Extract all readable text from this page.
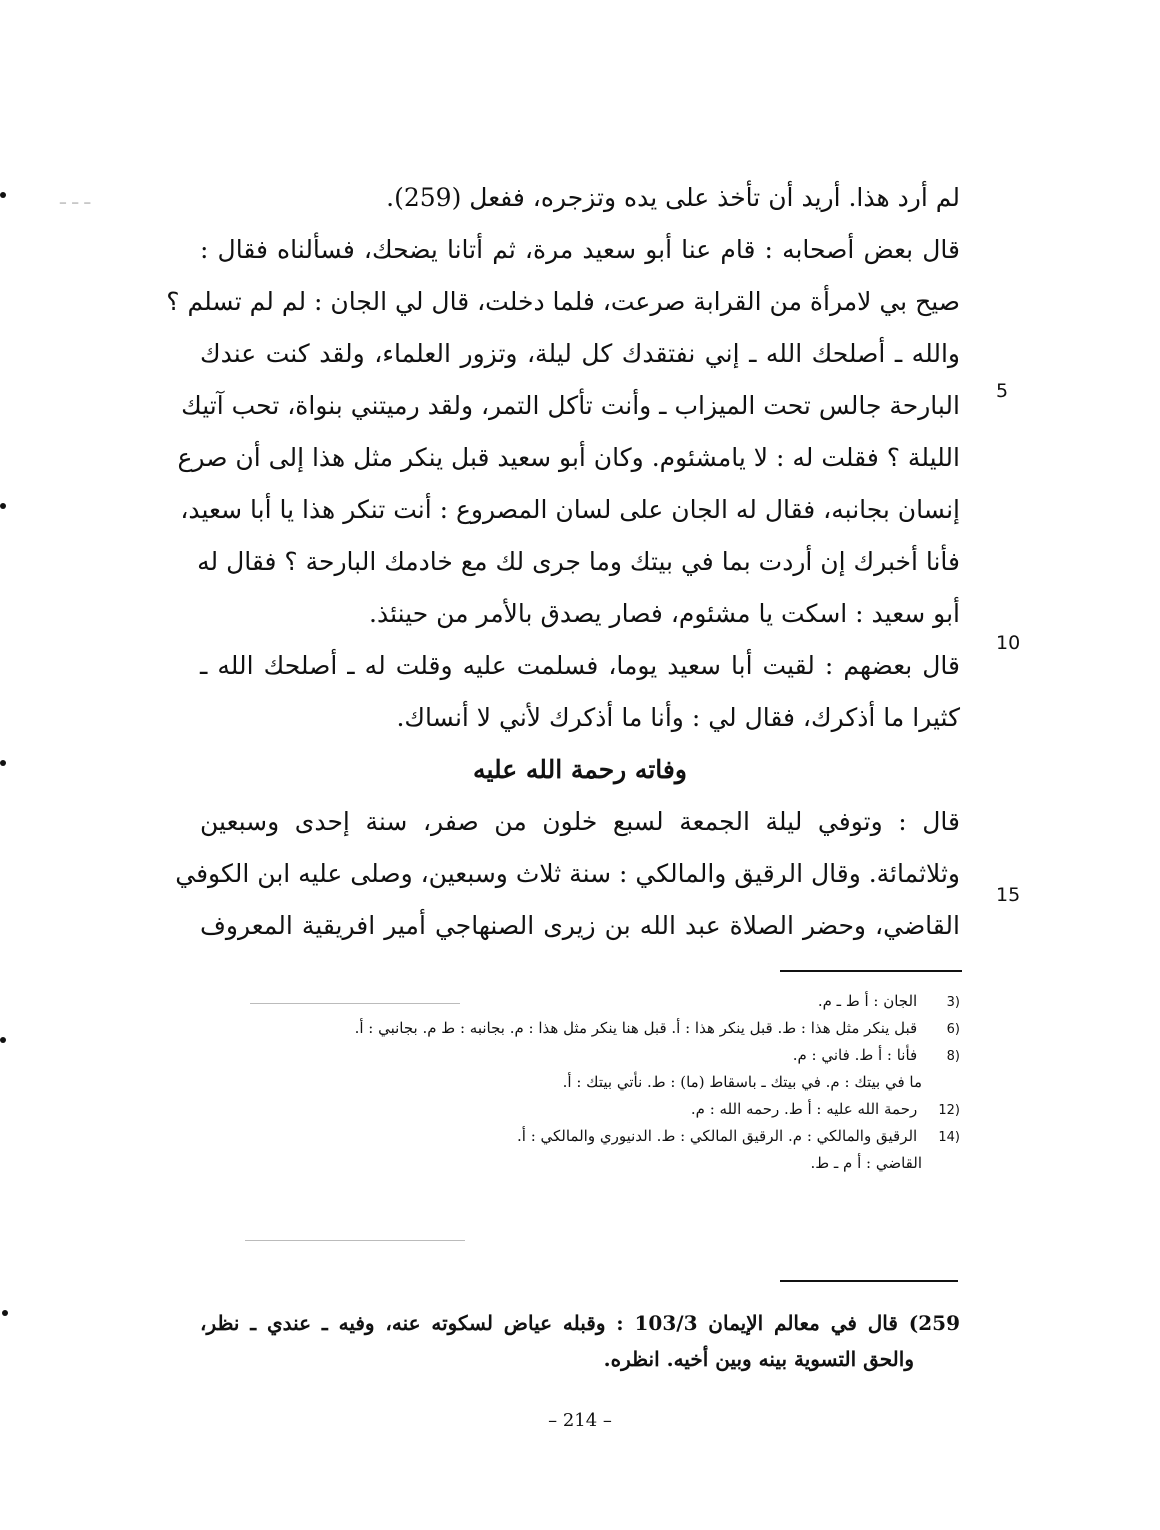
ـ ـ ـ
5
10
15
لم أرد هذا. أريد أن تأخذ على يده وتزجره، ففعل (259).
قال بعض أصحابه : قام عنا أبو سعيد مرة، ثم أتانا يضحك، فسألناه فقال :
صيح بي لامرأة من القرابة صرعت، فلما دخلت، قال لي الجان : لم لم تسلم ؟
والله ـ أصلحك الله ـ إني نفتقدك كل ليلة، وتزور العلماء، ولقد كنت عندك
البارحة جالس تحت الميزاب ـ وأنت تأكل التمر، ولقد رميتني بنواة، تحب آتيك
الليلة ؟ فقلت له : لا يامشئوم. وكان أبو سعيد قبل ينكر مثل هذا إلى أن صرع
إنسان بجانبه، فقال له الجان على لسان المصروع : أنت تنكر هذا يا أبا سعيد،
فأنا أخبرك إن أردت بما في بيتك وما جرى لك مع خادمك البارحة ؟ فقال له
أبو سعيد : اسكت يا مشئوم، فصار يصدق بالأمر من حينئذ.
قال بعضهم : لقيت أبا سعيد يوما، فسلمت عليه وقلت له ـ أصلحك الله ـ
كثيرا ما أذكرك، فقال لي : وأنا ما أذكرك لأني لا أنساك.
وفاته رحمة الله عليه
قال : وتوفي ليلة الجمعة لسبع خلون من صفر، سنة إحدى وسبعين
وثلاثمائة. وقال الرقيق والمالكي : سنة ثلاث وسبعين، وصلى عليه ابن الكوفي
القاضي، وحضر الصلاة عبد الله بن زيرى الصنهاجي أمير افريقية المعروف
3) الجان : أ ط ـ م.
6) قبل ينكر مثل هذا : ط. قبل ينكر هذا : أ. قبل هنا ينكر مثل هذا : م. بجانبه : ط م. بجانبي : أ.
8) فأنا : أ ط. فاني : م.
ما في بيتك : م. في بيتك ـ باسقاط (ما) : ط. نأتي بيتك : أ.
12) رحمة الله عليه : أ ط. رحمه الله : م.
14) الرقيق والمالكي : م. الرقيق المالكي : ط. الدنيوري والمالكي : أ.
القاضي : أ م ـ ط.
259) قال في معالم الإيمان 103/3 : وقبله عياض لسكوته عنه، وفيه ـ عندي ـ نظر،
والحق التسوية بينه وبين أخيه. انظره.
– 214 –
